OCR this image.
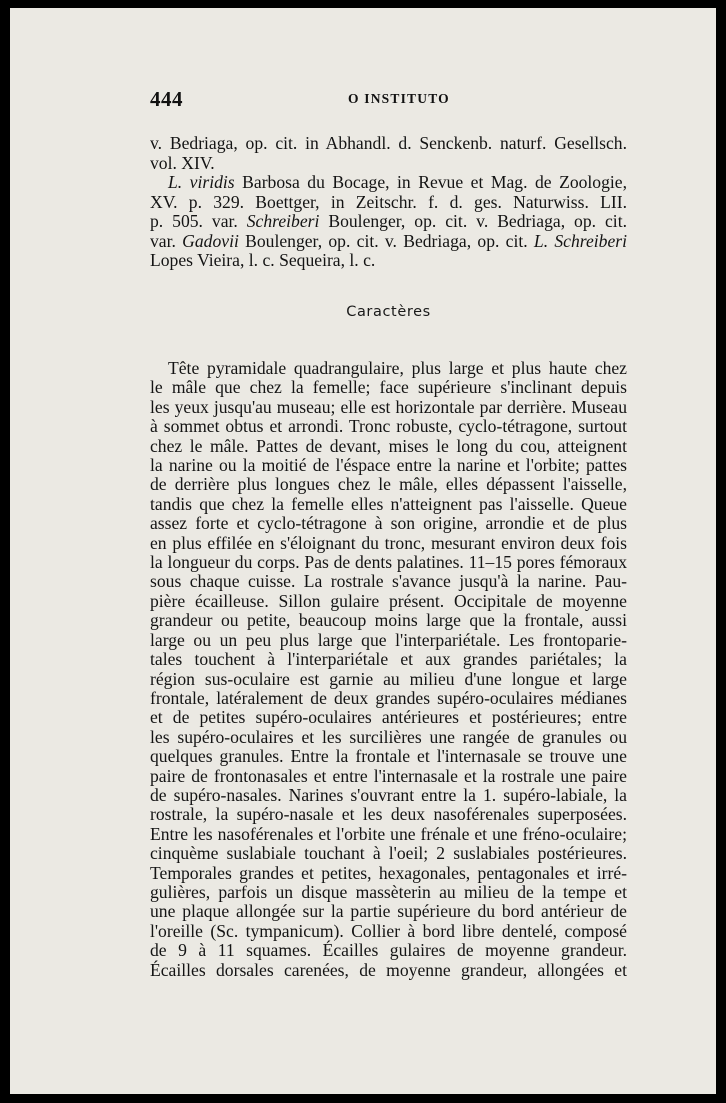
444	O INSTITUTO
v. Bedriaga, op. cit. in Abhandl. d. Senckenb. naturf. Gesellsch.
vol. XIV.
L. viridis Barbosa du Bocage, in Revue et Mag. de Zoologie,
XV. p. 329. Boettger, in Zeitschr. f. d. ges. Naturwiss. LII.
p. 505. var. Schreiberi Boulenger, op. cit. v. Bedriaga, op. cit.
var. Gadovii Boulenger, op. cit. v. Bedriaga, op. cit. L. Schreiberi
Lopes Vieira, l. c. Sequeira, l. c.
Caractères
Tête pyramidale quadrangulaire, plus large et plus haute chez
le mâle que chez la femelle; face supérieure s'inclinant depuis
les yeux jusqu'au museau; elle est horizontale par derrière. Museau
à sommet obtus et arrondi. Tronc robuste, cyclo-tétragone, surtout
chez le mâle. Pattes de devant, mises le long du cou, atteignent
la narine ou la moitié de l'éspace entre la narine et l'orbite; pattes
de derrière plus longues chez le mâle, elles dépassent l'aisselle,
tandis que chez la femelle elles n'atteignent pas l'aisselle. Queue
assez forte et cyclo-tétragone à son origine, arrondie et de plus
en plus effilée en s'éloignant du tronc, mesurant environ deux fois
la longueur du corps. Pas de dents palatines. 11–15 pores fémoraux
sous chaque cuisse. La rostrale s'avance jusqu'à la narine. Pau-
pière écailleuse. Sillon gulaire présent. Occipitale de moyenne
grandeur ou petite, beaucoup moins large que la frontale, aussi
large ou un peu plus large que l'interpariétale. Les frontoparie-
tales touchent à l'interpariétale et aux grandes pariétales; la
région sus-oculaire est garnie au milieu d'une longue et large
frontale, latéralement de deux grandes supéro-oculaires médianes
et de petites supéro-oculaires antérieures et postérieures; entre
les supéro-oculaires et les surcilières une rangée de granules ou
quelques granules. Entre la frontale et l'internasale se trouve une
paire de frontonasales et entre l'internasale et la rostrale une paire
de supéro-nasales. Narines s'ouvrant entre la 1. supéro-labiale, la
rostrale, la supéro-nasale et les deux nasoférenales superposées.
Entre les nasoférenales et l'orbite une frénale et une fréno-oculaire;
cinquème suslabiale touchant à l'oeil; 2 suslabiales postérieures.
Temporales grandes et petites, hexagonales, pentagonales et irré-
gulières, parfois un disque massèterin au milieu de la tempe et
une plaque allongée sur la partie supérieure du bord antérieur de
l'oreille (Sc. tympanicum). Collier à bord libre dentelé, composé
de 9 à 11 squames. Écailles gulaires de moyenne grandeur.
Écailles dorsales carenées, de moyenne grandeur, allongées et
